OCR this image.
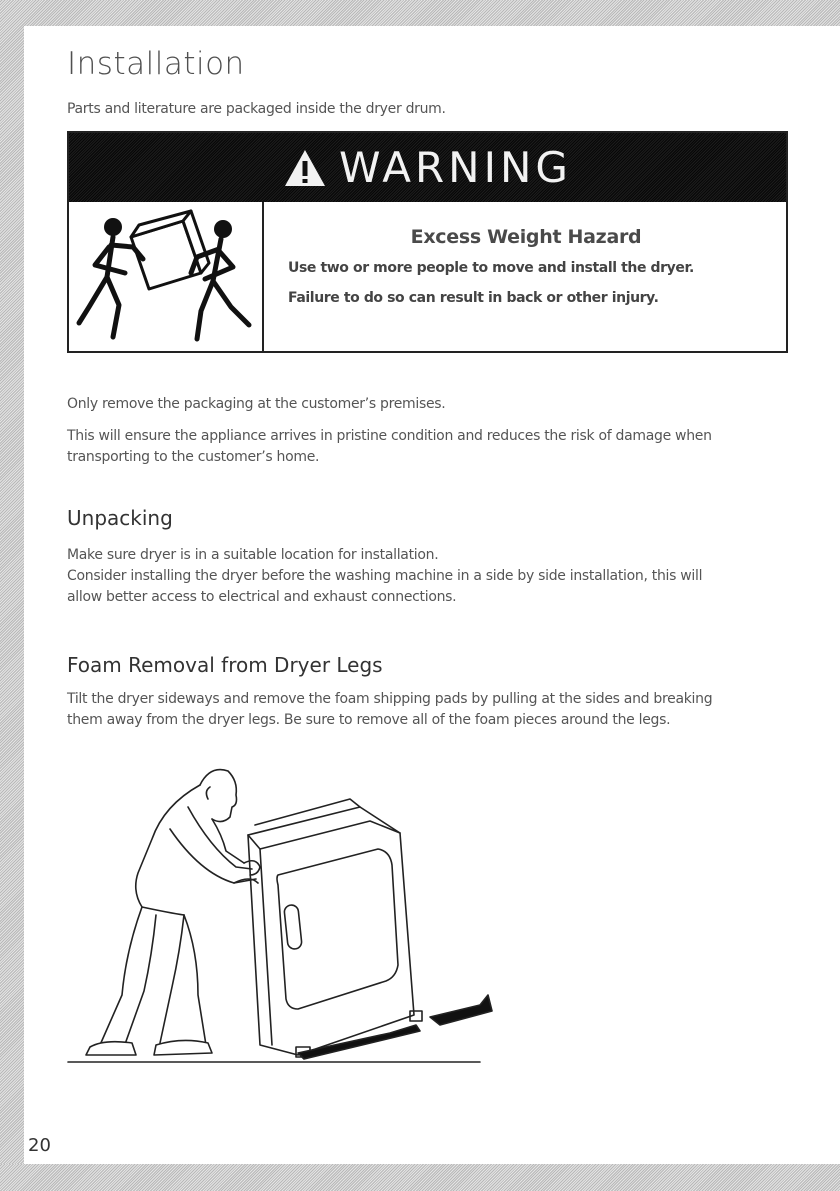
Installation

Parts and literature are packaged inside the dryer drum.

WARNING
Excess Weight Hazard
Use two or more people to move and install the dryer.
Failure to do so can result in back or other injury.

Only remove the packaging at the customer’s premises.

This will ensure the appliance arrives in pristine condition and reduces the risk of damage when

transporting to the customer’s home.

Unpacking

Make sure dryer is in a suitable location for installation.

Consider installing the dryer before the washing machine in a side by side installation, this will

allow better access to electrical and exhaust connections.

Foam Removal from Dryer Legs

Tilt the dryer sideways and remove the foam shipping pads by pulling at the sides and breaking

them away from the dryer legs. Be sure to remove all of the foam pieces around the legs.

20
